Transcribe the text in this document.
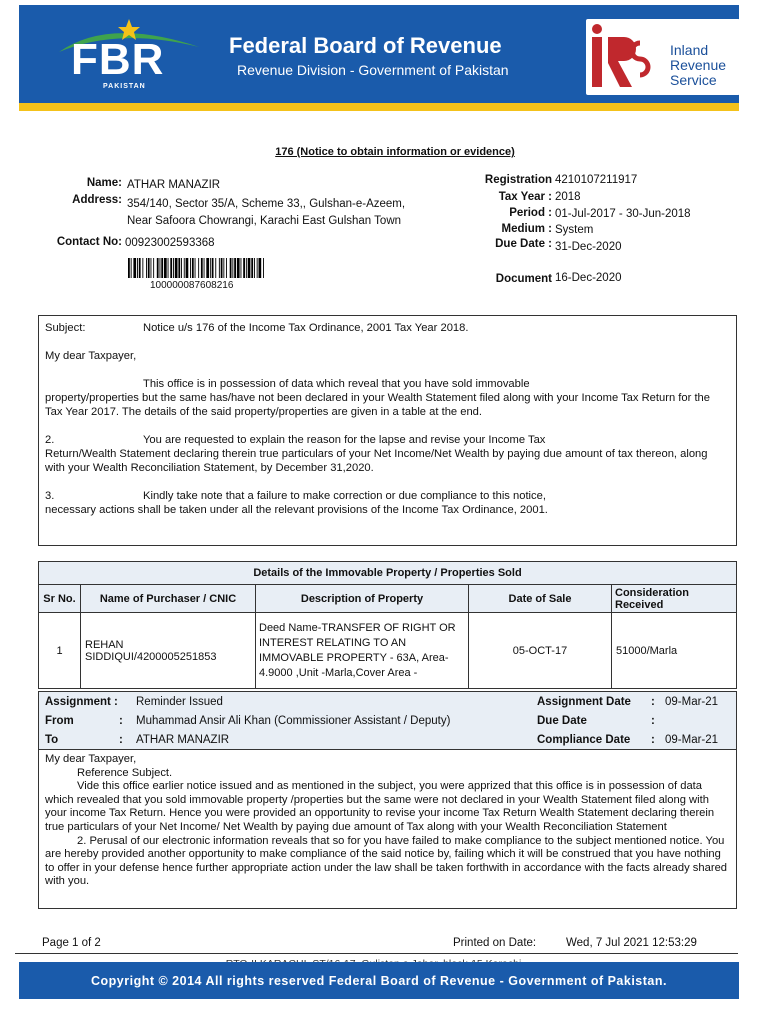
FBR
PAKISTAN
Federal Board of Revenue
Revenue Division - Government of Pakistan
Inland
Revenue
Service
176 (Notice to obtain information or evidence)
Name: ATHAR MANAZIR
Address: 354/140, Sector 35/A, Scheme 33,, Gulshan-e-Azeem,
Near Safoora Chowrangi, Karachi East Gulshan Town
Contact No: 00923002593368
100000087608216
Registration 4210107211917
Tax Year : 2018
Period : 01-Jul-2017 - 30-Jun-2018
Medium : System
Due Date : 31-Dec-2020
Document 16-Dec-2020
Subject:	Notice u/s 176 of the Income Tax Ordinance, 2001 Tax Year 2018.

My dear Taxpayer,

This office is in possession of data which reveal that you have sold immovable
property/properties but the same has/have not been declared in your Wealth Statement filed along with your Income Tax Return for the Tax Year 2017. The details of the said property/properties are given in a table at the end.

2.	You are requested to explain the reason for the lapse and revise your Income Tax
Return/Wealth Statement declaring therein true particulars of your Net Income/Net Wealth by paying due amount of tax thereon, along with your Wealth Reconciliation Statement, by December 31,2020.

3.	Kindly take note that a failure to make correction or due compliance to this notice,
necessary actions shall be taken under all the relevant provisions of the Income Tax Ordinance, 2001.

Details of the Immovable Property / Properties Sold				
Sr No.	Name of Purchaser / CNIC	Description of Property	Date of Sale	Consideration Received
1	REHAN SIDDIQUI/4200005251853	Deed Name-TRANSFER OF RIGHT OR INTEREST RELATING TO AN IMMOVABLE PROPERTY - 63A, Area- 4.9000 ,Unit -Marla,Cover Area -	05-OCT-17	51000/Marla
Assignment : Reminder Issued	Assignment Date : 09-Mar-21
From	: Muhammad Ansir Ali Khan (Commissioner Assistant / Deputy)	Due Date	:
To	: ATHAR MANAZIR	Compliance Date : 09-Mar-21
My dear Taxpayer,
Reference Subject.
Vide this office earlier notice issued and as mentioned in the subject, you were apprized that this office is in possession of data which revealed that you sold immovable property /properties but the same were not declared in your Wealth Statement filed along with your income Tax Return. Hence you were provided an opportunity to revise your income Tax Return Wealth Statement declaring therein true particulars of your Net Income/ Net Wealth by paying due amount of Tax along with your Wealth Reconciliation Statement
2. Perusal of our electronic information reveals that so for you have failed to make compliance to the subject mentioned notice. You are hereby provided another opportunity to make compliance of the said notice by, failing which it will be construed that you have nothing to offer in your defense hence further appropriate action under the law shall be taken forthwith in accordance with the facts already shared with you.
Page 1 of 2	Printed on Date:	Wed, 7 Jul 2021 12:53:29
Copyright © 2014 All rights reserved Federal Board of Revenue - Government of Pakistan.
